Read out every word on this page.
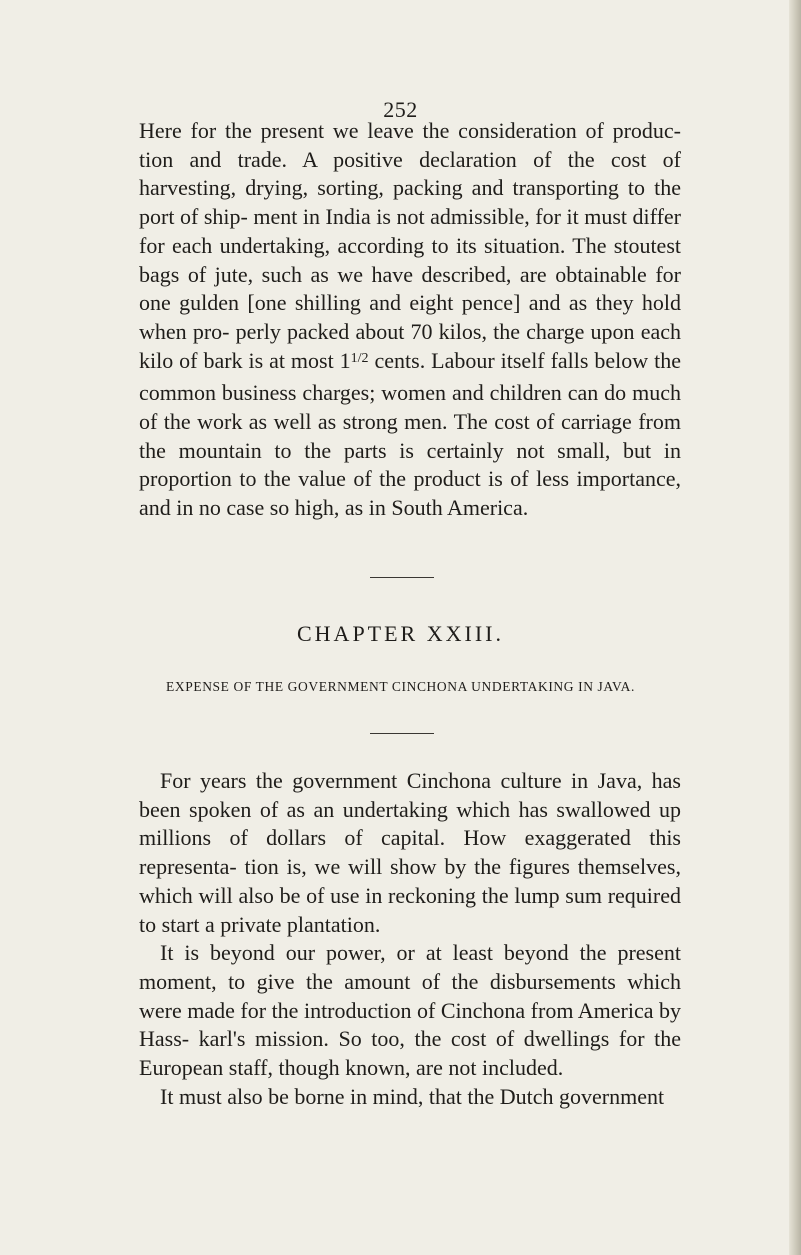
252

Here for the present we leave the consideration of produc- tion and trade. A positive declaration of the cost of harvesting, drying, sorting, packing and transporting to the port of ship- ment in India is not admissible, for it must differ for each undertaking, according to its situation. The stoutest bags of jute, such as we have described, are obtainable for one gulden [one shilling and eight pence] and as they hold when pro- perly packed about 70 kilos, the charge upon each kilo of bark is at most $1^{1/2}$ cents. Labour itself falls below the common business charges; women and children can do much of the work as well as strong men. The cost of carriage from the mountain to the parts is certainly not small, but in proportion to the value of the product is of less importance, and in no case so high, as in South America.

CHAPTER XXIII.
EXPENSE OF THE GOVERNMENT CINCHONA UNDERTAKING IN JAVA.

For years the government Cinchona culture in Java, has been spoken of as an undertaking which has swallowed up millions of dollars of capital. How exaggerated this representa- tion is, we will show by the figures themselves, which will also be of use in reckoning the lump sum required to start a private plantation.

It is beyond our power, or at least beyond the present moment, to give the amount of the disbursements which were made for the introduction of Cinchona from America by Hass- karl's mission. So too, the cost of dwellings for the European staff, though known, are not included.

It must also be borne in mind, that the Dutch government
